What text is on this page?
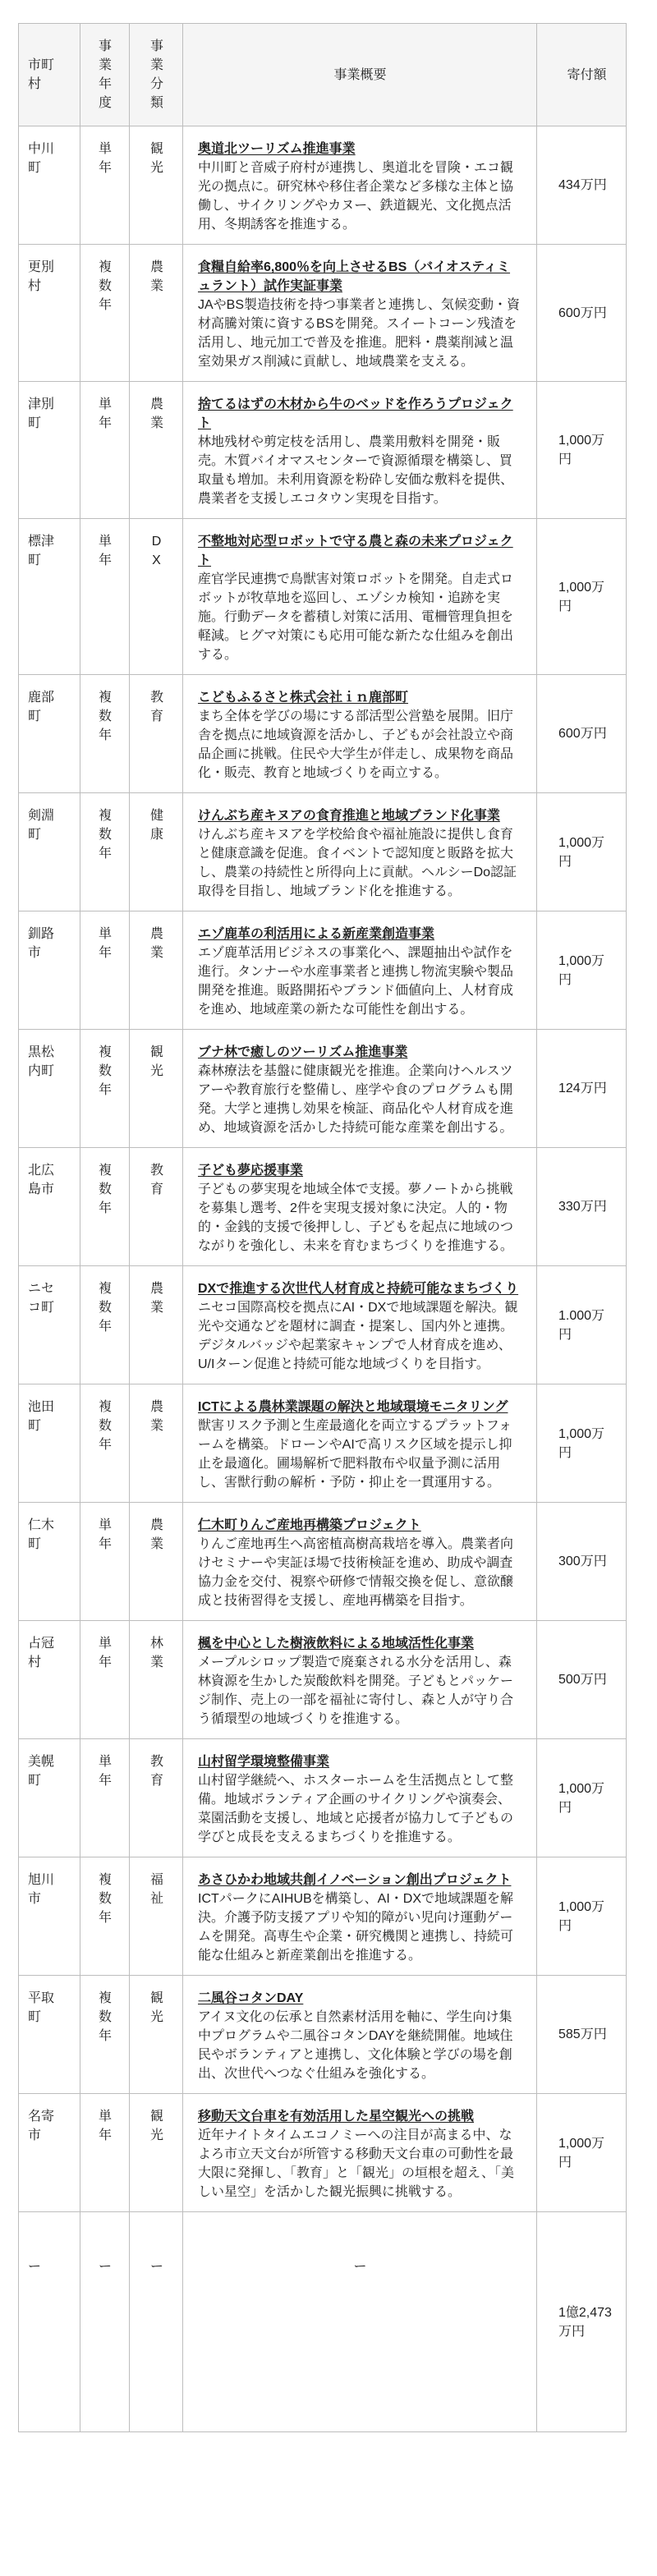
市町村	事業年度	事業分類	事業概要	寄付額
中川町	単年	観光	奥道北ツーリズム推進事業
中川町と音威子府村が連携し、奥道北を冒険・エコ観光の拠点に。研究林や移住者企業など多様な主体と協働し、サイクリングやカヌー、鉄道観光、文化拠点活用、冬期誘客を推進する。	434万円
更別村	複数年	農業	食糧自給率6,800％を向上させるBS（バイオスティミュラント）試作実証事業
JAやBS製造技術を持つ事業者と連携し、気候変動・資材高騰対策に資するBSを開発。スイートコーン残渣を活用し、地元加工で普及を推進。肥料・農薬削減と温室効果ガス削減に貢献し、地域農業を支える。	600万円
津別町	単年	農業	捨てるはずの木材から牛のベッドを作ろうプロジェクト
林地残材や剪定枝を活用し、農業用敷料を開発・販売。木質バイオマスセンターで資源循環を構築し、買取量も増加。未利用資源を粉砕し安価な敷料を提供、農業者を支援しエコタウン実現を目指す。	1,000万円
標津町	単年	DX	不整地対応型ロボットで守る農と森の未来プロジェクト
産官学民連携で鳥獣害対策ロボットを開発。自走式ロボットが牧草地を巡回し、エゾシカ検知・追跡を実施。行動データを蓄積し対策に活用、電柵管理負担を軽減。ヒグマ対策にも応用可能な新たな仕組みを創出する。	1,000万円
鹿部町	複数年	教育	こどもふるさと株式会社ｉｎ鹿部町
まち全体を学びの場にする部活型公営塾を展開。旧庁舎を拠点に地域資源を活かし、子どもが会社設立や商品企画に挑戦。住民や大学生が伴走し、成果物を商品化・販売、教育と地域づくりを両立する。	600万円
剣淵町	複数年	健康	けんぶち産キヌアの食育推進と地域ブランド化事業
けんぶち産キヌアを学校給食や福祉施設に提供し食育と健康意識を促進。食イベントで認知度と販路を拡大し、農業の持続性と所得向上に貢献。ヘルシーDo認証取得を目指し、地域ブランド化を推進する。	1,000万円
釧路市	単年	農業	エゾ鹿革の利活用による新産業創造事業
エゾ鹿革活用ビジネスの事業化へ、課題抽出や試作を進行。タンナーや水産事業者と連携し物流実験や製品開発を推進。販路開拓やブランド価値向上、人材育成を進め、地域産業の新たな可能性を創出する。	1,000万円
黒松内町	複数年	観光	ブナ林で癒しのツーリズム推進事業
森林療法を基盤に健康観光を推進。企業向けヘルスツアーや教育旅行を整備し、座学や食のプログラムも開発。大学と連携し効果を検証、商品化や人材育成を進め、地域資源を活かした持続可能な産業を創出する。	124万円
北広島市	複数年	教育	子ども夢応援事業
子どもの夢実現を地域全体で支援。夢ノートから挑戦を募集し選考、2件を実現支援対象に決定。人的・物的・金銭的支援で後押しし、子どもを起点に地域のつながりを強化し、未来を育むまちづくりを推進する。	330万円
ニセコ町	複数年	農業	DXで推進する次世代人材育成と持続可能なまちづくり
ニセコ国際高校を拠点にAI・DXで地域課題を解決。観光や交通などを題材に調査・提案し、国内外と連携。デジタルバッジや起業家キャンプで人材育成を進め、U/Iターン促進と持続可能な地域づくりを目指す。	1.000万円
池田町	複数年	農業	ICTによる農林業課題の解決と地域環境モニタリング
獣害リスク予測と生産最適化を両立するプラットフォームを構築。ドローンやAIで高リスク区域を提示し抑止を最適化。圃場解析で肥料散布や収量予測に活用し、害獣行動の解析・予防・抑止を一貫運用する。	1,000万円
仁木町	単年	農業	仁木町りんご産地再構築プロジェクト
りんご産地再生へ高密植高樹高栽培を導入。農業者向けセミナーや実証ほ場で技術検証を進め、助成や調査協力金を交付、視察や研修で情報交換を促し、意欲醸成と技術習得を支援し、産地再構築を目指す。	300万円
占冠村	単年	林業	楓を中心とした樹液飲料による地域活性化事業
メープルシロップ製造で廃棄される水分を活用し、森林資源を生かした炭酸飲料を開発。子どもとパッケージ制作、売上の一部を福祉に寄付し、森と人が守り合う循環型の地域づくりを推進する。	500万円
美幌町	単年	教育	山村留学環境整備事業
山村留学継続へ、ホスターホームを生活拠点として整備。地域ボランティア企画のサイクリングや演奏会、菜園活動を支援し、地域と応援者が協力して子どもの学びと成長を支えるまちづくりを推進する。	1,000万円
旭川市	複数年	福祉	あさひかわ地域共創イノベーション創出プロジェクト
ICTパークにAIHUBを構築し、AI・DXで地域課題を解決。介護予防支援アプリや知的障がい児向け運動ゲームを開発。高専生や企業・研究機関と連携し、持続可能な仕組みと新産業創出を推進する。	1,000万円
平取町	複数年	観光	二風谷コタンDAY
アイヌ文化の伝承と自然素材活用を軸に、学生向け集中プログラムや二風谷コタンDAYを継続開催。地域住民やボランティアと連携し、文化体験と学びの場を創出、次世代へつなぐ仕組みを強化する。	585万円
名寄市	単年	観光	移動天文台車を有効活用した星空観光への挑戦
近年ナイトタイムエコノミーへの注目が高まる中、なよろ市立天文台が所管する移動天文台車の可動性を最大限に発揮し、「教育」と「観光」の垣根を超え、「美しい星空」を活かした観光振興に挑戦する。	1,000万円
ー	ー	ー	ー	1億2,473万円
